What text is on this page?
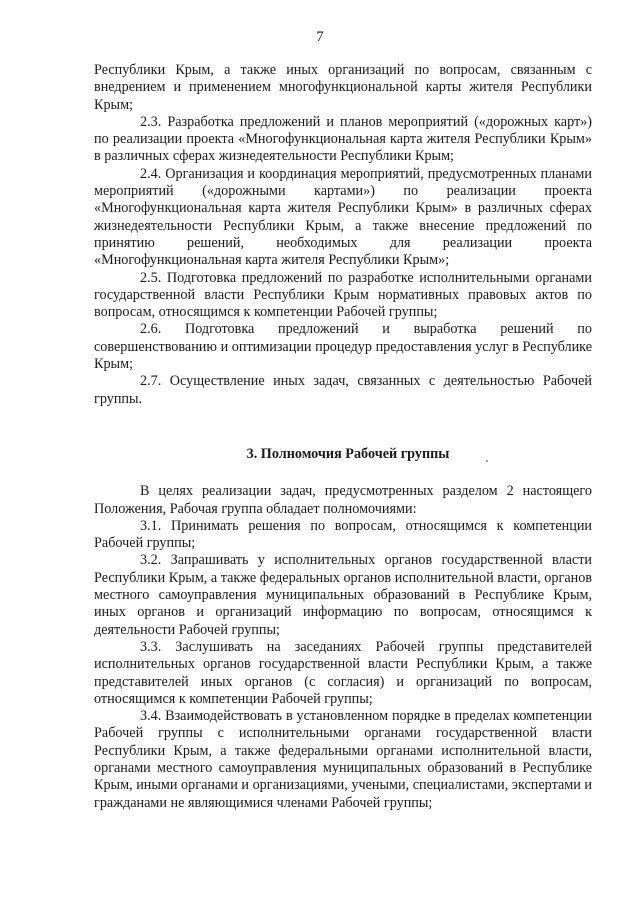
7

Республики Крым, а также иных организаций по вопросам, связанным с внедрением и применением многофункциональной карты жителя Республики Крым;

2.3. Разработка предложений и планов мероприятий («дорожных карт») по реализации проекта «Многофункциональная карта жителя Республики Крым» в различных сферах жизнедеятельности Республики Крым;

2.4. Организация и координация мероприятий, предусмотренных планами мероприятий («дорожными картами») по реализации проекта «Многофункциональная карта жителя Республики Крым» в различных сферах жизнедеятельности Республики Крым, а также внесение предложений по принятию решений, необходимых для реализации проекта «Многофункциональная карта жителя Республики Крым»;

2.5. Подготовка предложений по разработке исполнительными органами государственной власти Республики Крым нормативных правовых актов по вопросам, относящимся к компетенции Рабочей группы;

2.6. Подготовка предложений и выработка решений по совершенствованию и оптимизации процедур предоставления услуг в Республике Крым;

2.7. Осуществление иных задач, связанных с деятельностью Рабочей группы.

3. Полномочия Рабочей группы

В целях реализации задач, предусмотренных разделом 2 настоящего Положения, Рабочая группа обладает полномочиями:

3.1. Принимать решения по вопросам, относящимся к компетенции Рабочей группы;

3.2. Запрашивать у исполнительных органов государственной власти Республики Крым, а также федеральных органов исполнительной власти, органов местного самоуправления муниципальных образований в Республике Крым, иных органов и организаций информацию по вопросам, относящимся к деятельности Рабочей группы;

3.3. Заслушивать на заседаниях Рабочей группы представителей исполнительных органов государственной власти Республики Крым, а также представителей иных органов (с согласия) и организаций по вопросам, относящимся к компетенции Рабочей группы;

3.4. Взаимодействовать в установленном порядке в пределах компетенции Рабочей группы с исполнительными органами государственной власти Республики Крым, а также федеральными органами исполнительной власти, органами местного самоуправления муниципальных образований в Республике Крым, иными органами и организациями, учеными, специалистами, экспертами и гражданами не являющимися членами Рабочей группы;
